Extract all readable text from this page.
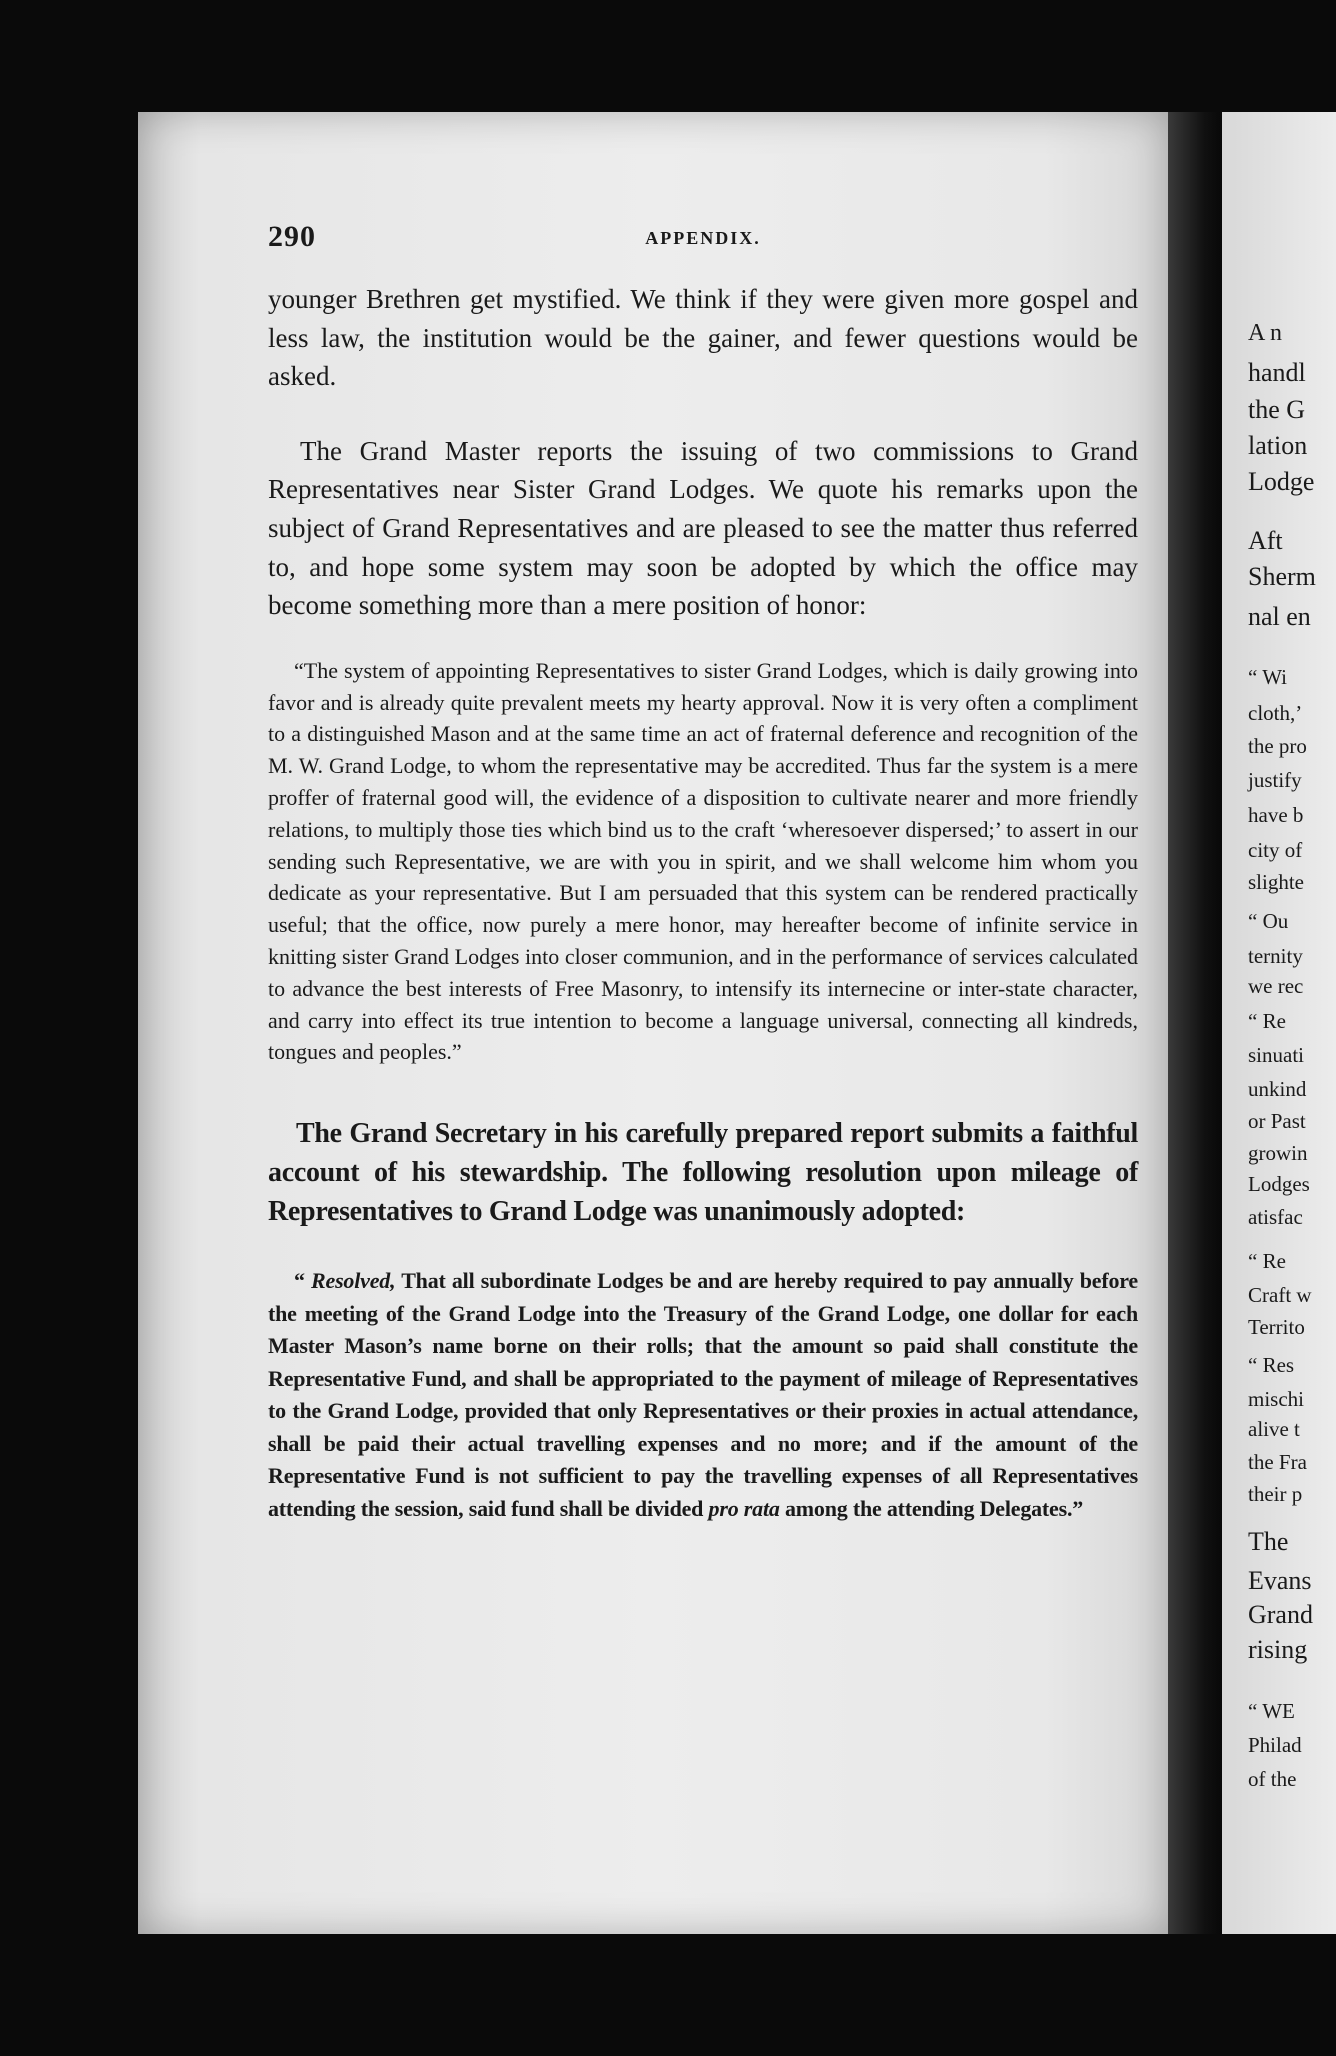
290	APPENDIX.

younger Brethren get mystified. We think if they were given more gospel and less law, the institution would be the gainer, and fewer questions would be asked.

The Grand Master reports the issuing of two commissions to Grand Representatives near Sister Grand Lodges. We quote his remarks upon the subject of Grand Representatives and are pleased to see the matter thus referred to, and hope some system may soon be adopted by which the office may become something more than a mere position of honor:

“The system of appointing Representatives to sister Grand Lodges, which is daily growing into favor and is already quite prevalent meets my hearty approval. Now it is very often a compliment to a distinguished Mason and at the same time an act of fraternal deference and recognition of the M. W. Grand Lodge, to whom the representative may be accredited. Thus far the system is a mere proffer of fraternal good will, the evidence of a disposition to cultivate nearer and more friendly relations, to multiply those ties which bind us to the craft ‘wheresoever dispersed;’ to assert in our sending such Representative, we are with you in spirit, and we shall welcome him whom you dedicate as your representative. But I am persuaded that this system can be rendered practically useful; that the office, now purely a mere honor, may hereafter become of infinite service in knitting sister Grand Lodges into closer communion, and in the performance of services calculated to advance the best interests of Free Masonry, to intensify its internecine or inter-state character, and carry into effect its true intention to become a language universal, connecting all kindreds, tongues and peoples.”

The Grand Secretary in his carefully prepared report submits a faithful account of his stewardship. The following resolution upon mileage of Representatives to Grand Lodge was unanimously adopted:

“ Resolved, That all subordinate Lodges be and are hereby required to pay annually before the meeting of the Grand Lodge into the Treasury of the Grand Lodge, one dollar for each Master Mason’s name borne on their rolls; that the amount so paid shall constitute the Representative Fund, and shall be appropriated to the payment of mileage of Representatives to the Grand Lodge, provided that only Representatives or their proxies in actual attendance, shall be paid their actual travelling expenses and no more; and if the amount of the Representative Fund is not sufficient to pay the travelling expenses of all Representatives attending the session, said fund shall be divided pro rata among the attending Delegates.”

A n
handl
the G
lation
Lodge
Aft
Sherm
nal en
“ Wi
cloth,’
the pro
justify
have b
city of
slighte
“ Ou
ternity
we rec
“ Re
sinuati
unkind
or Past
growin
Lodges
atisfac
“ Re
Craft w
Territo
“ Res
mischi
alive t
the Fra
their p
The
Evans
Grand
rising
“ WE
Philad
of the
